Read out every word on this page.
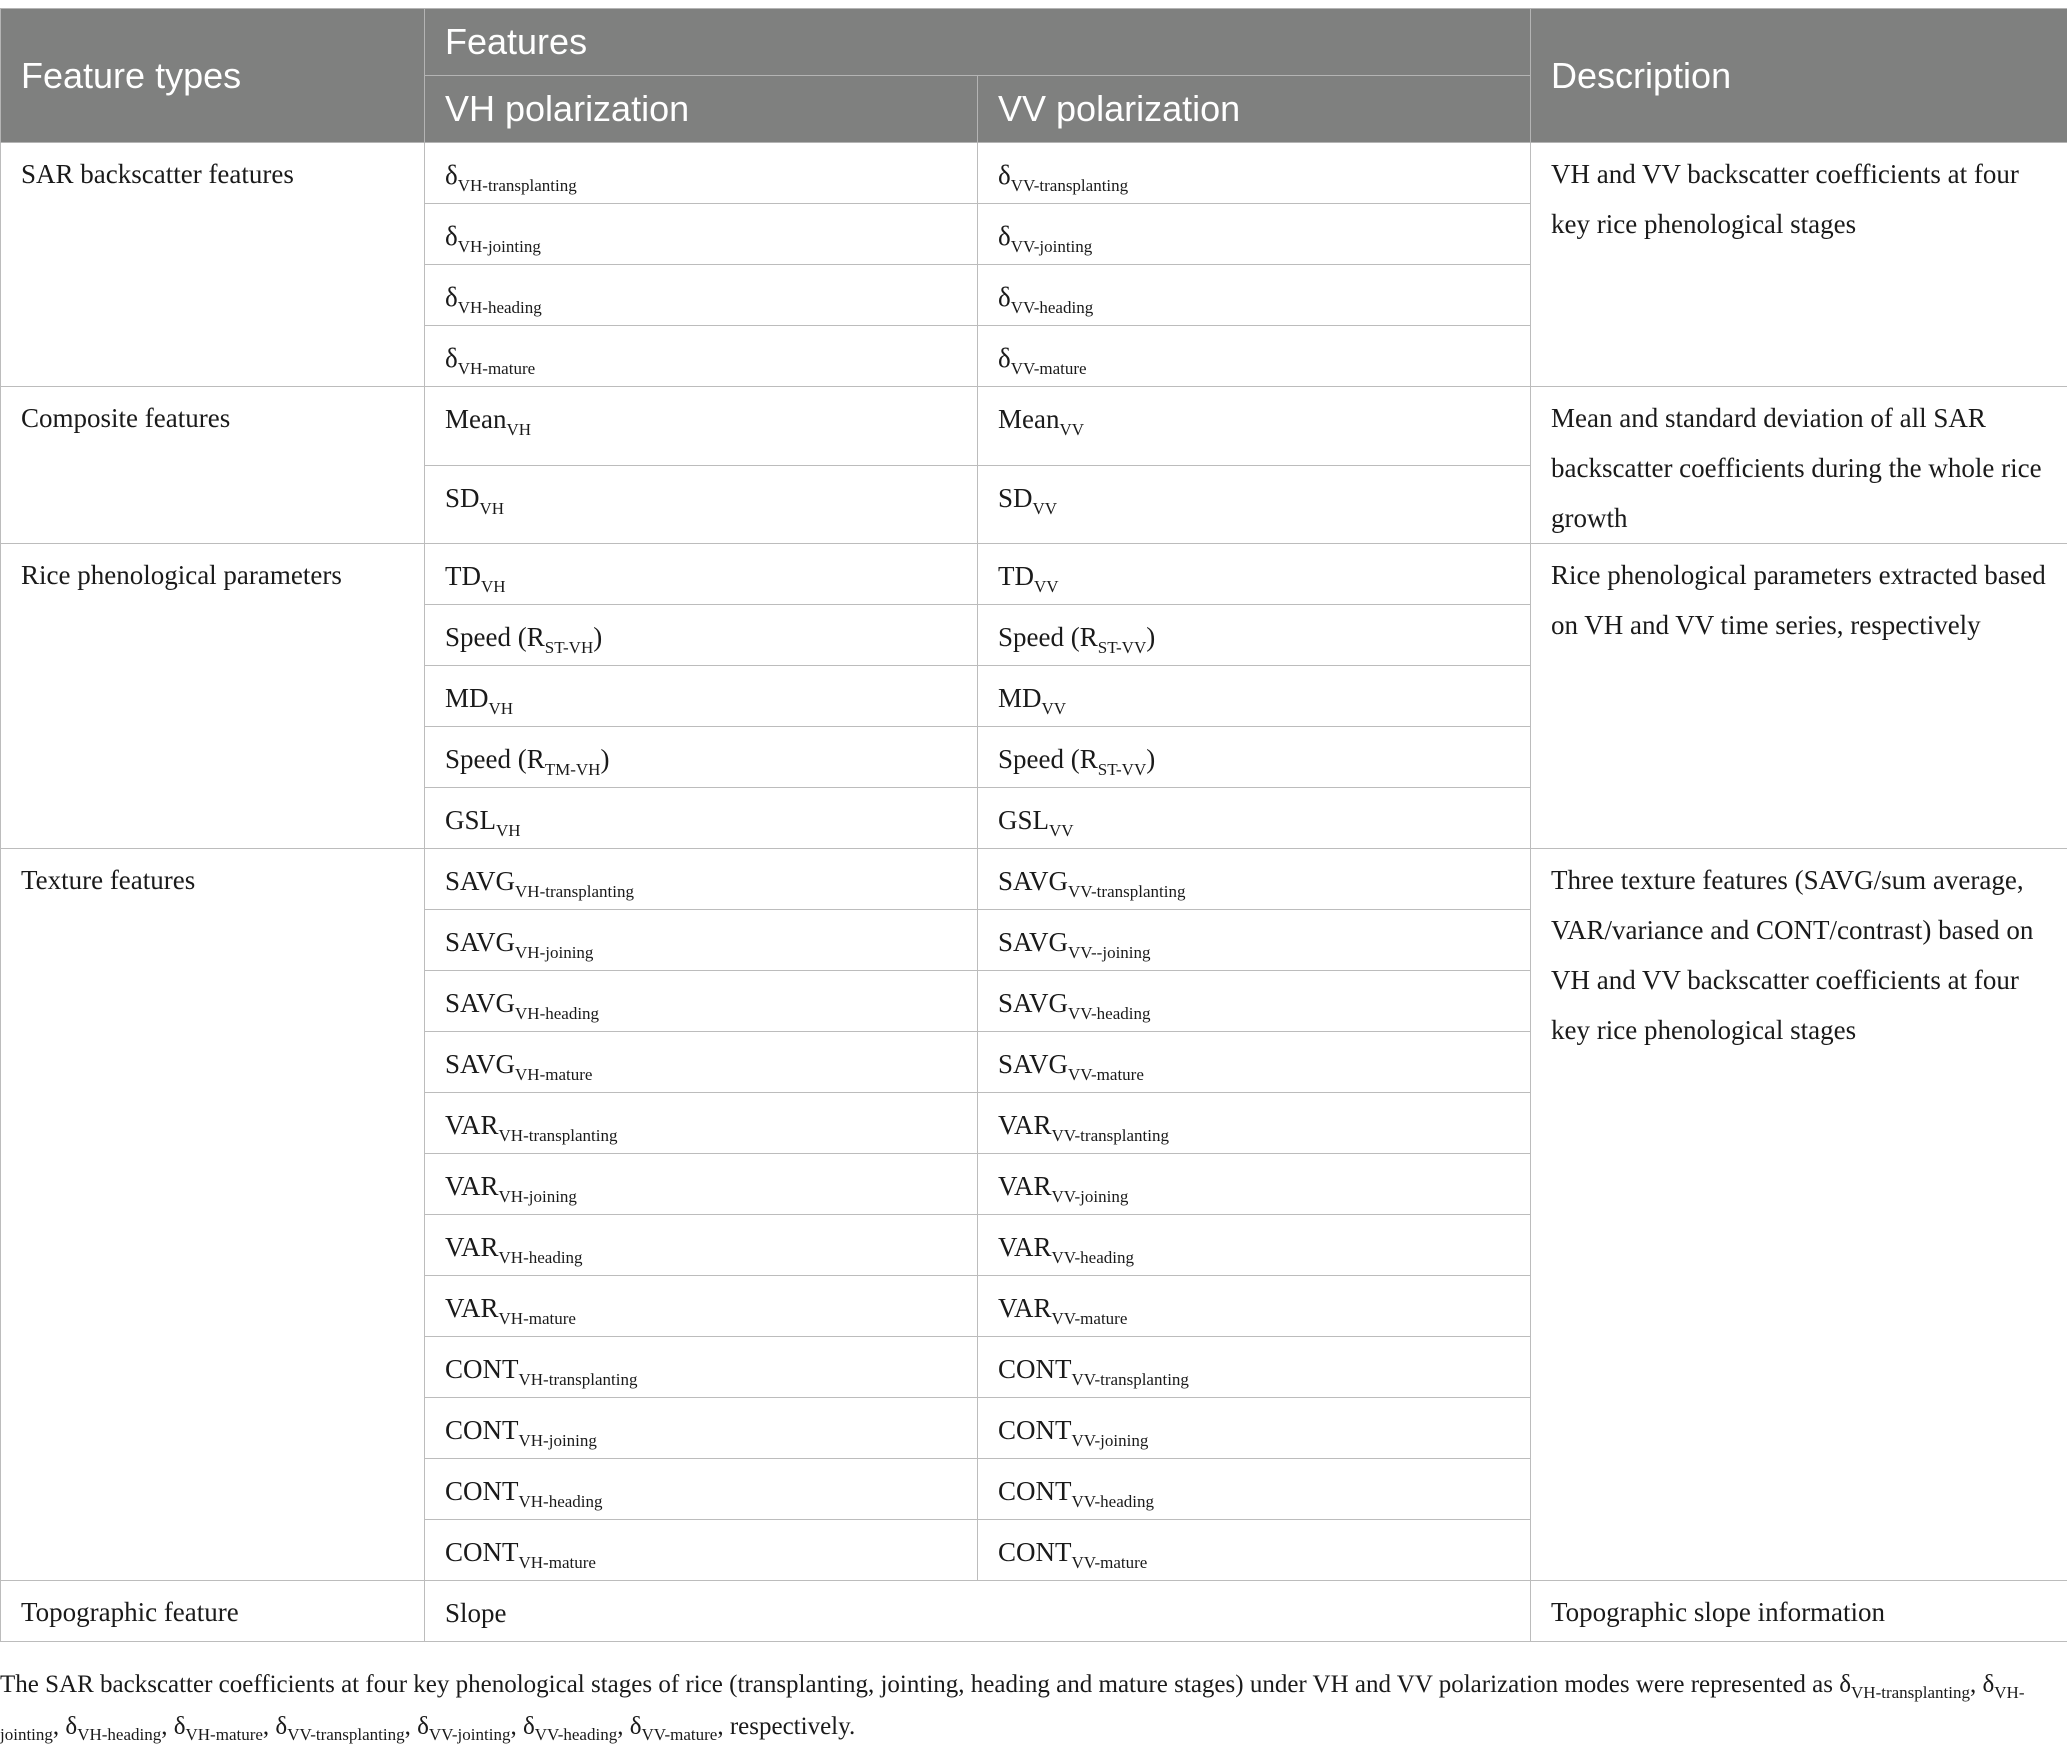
Feature types	Features		Description
	VH polarization	VV polarization	
SAR backscatter features	$\delta_{VH-transplanting}$	$\delta_{VV-transplanting}$	VH and VV backscatter coefficients at four key rice phenological stages
	$\delta_{VH-jointing}$	$\delta_{VV-jointing}$
	$\delta_{VH-heading}$	$\delta_{VV-heading}$
	$\delta_{VH-mature}$	$\delta_{VV-mature}$
Composite features	Mean$_{VH}$	Mean$_{VV}$	Mean and standard deviation of all SAR backscatter coefficients during the whole rice growth
	$SD_{VH}$	$SD_{VV}$
Rice phenological parameters	$TD_{VH}$	$TD_{VV}$	Rice phenological parameters extracted based on VH and VV time series, respectively
	Speed $(R_{ST-VH})$	Speed $(R_{ST-VV})$	
	$MD_{VH}$	$MD_{VV}$
	Speed $(R_{TM-VH})$	Speed $(R_{ST-VV})$	
	$GSL_{VH}$	$GSL_{VV}$
Texture features	$SAVG_{VH-transplanting}$	$SAVG_{VV-transplanting}$	Three texture features (SAVG/sum average, VAR/variance and CONT/contrast) based on VH and VV backscatter coefficients at four key rice phenological stages
	$SAVG_{VH-joining}$	$SAVG_{VV--joining}$
	$SAVG_{VH-heading}$	$SAVG_{VV-heading}$
	$SAVG_{VH-mature}$	$SAVG_{VV-mature}$
	$VAR_{VH-transplanting}$	$VAR_{VV-transplanting}$
	$VAR_{VH-joining}$	$VAR_{VV-joining}$
	$VAR_{VH-heading}$	$VAR_{VV-heading}$
	$VAR_{VH-mature}$	$VAR_{VV-mature}$
	$CONT_{VH-transplanting}$	$CONT_{VV-transplanting}$
	$CONT_{VH-joining}$	$CONT_{VV-joining}$
	$CONT_{VH-heading}$	$CONT_{VV-heading}$
	$CONT_{VH-mature}$	$CONT_{VV-mature}$
Topographic feature	Slope		Topographic slope information
The SAR backscatter coefficients at four key phenological stages of rice (transplanting, jointing, heading and mature stages) under VH and VV polarization modes were represented as $\delta_{VH-transplanting}$, $\delta_{VH-jointing}$, $\delta_{VH-heading}$, $\delta_{VH-mature}$, $\delta_{VV-transplanting}$, $\delta_{VV-jointing}$, $\delta_{VV-heading}$, $\delta_{VV-mature}$, respectively.
